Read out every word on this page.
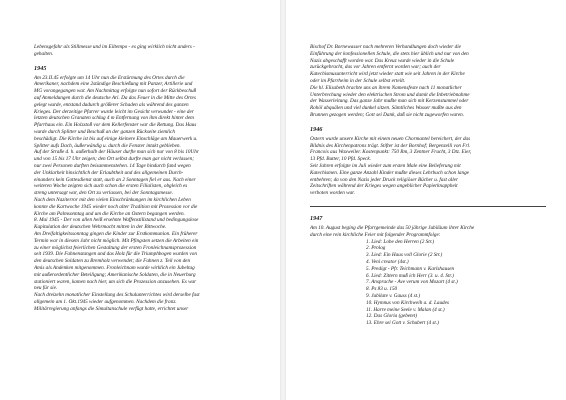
Lebensgefahr als Stillmesse und im Eiltempo - es ging wirklich nicht anders -
gehalten.
1945
Am 23.II.45 erfolgte um 14 Uhr nun die Erstürmung des Ortes durch die
Amerikaner, nachdem eine 2stündige Beschießung mit Panzer, Artillerie und
MG vorangegangen war. Am Nachmittag erfolgte nun sofort der Rückbeschuß
auf Anmeldungen durch die deutsche Ari. Da das Feuer in die Mitte des Ortes
gelegt wurde, entstand dadurch größerer Schaden als während des ganzen
Krieges. Der derzeitige Pfarrer wurde leicht im Gesicht verwundet - eine der
letzten deutschen Granaten schlug 4 m Entfernung von ihm direkt hinter dem
Pfarrhaus ein. Ein Holzstoß vor dem Kellerfenster war die Rettung. Das Haus
wurde durch Splitter und Beschuß an der ganzen Rückseite ziemlich
beschädigt. Die Kirche ist bis auf einige kleinere Einschläge am Mauerwerk u.
Splitter aufs Dach, äußerwändig u. durch die Fenster intakt geblieben.
Auf der Straße d. h. außerhalb der Häuser durfte man sich nur von 8 bis 10Uhr
und von 15 bis 17 Uhr zeigen; den Ort selbst durfte man gar nicht verlassen;
nur zwei Personen durften beisammenstehen. 14 Tage hindurch fand wegen
der Unklarheit hinsichtlich der Erlaubtheit und des allgemeinen Durch-
einanders kein Gottesdienst statt, auch an 2 Sonntagen fiel er aus. Nach einer
weiteren Woche zeigten sich auch schon die ersten Filialisten, obgleich es
streng untersagt war, den Ort zu verlassen, bei der Sonntagsmesse.
Nach dem Naziterror mit den vielen Einschränkungen im kirchlichen Leben
konnte die Kartwoche 1945 wieder noch alter Tradition mit Prozession vor die
Kirche am Palmsonntag und um die Kirche an Ostern begangen werden.
8. Mai 1945 - Der von allen heiß ersehnte Waffenstillstand und bedingungslose
Kapitulation der deutschen Wehrmacht mitten in der Bittwoche.
Am Dreifaltigkeitssonntag gingen die Kinder zur Erstkommunion. Ein früherer
Termin war in diesem Jahr nicht möglich. Mit Pfingsten setzen die Arbeiten ein
zu einer möglichst feierlichen Gestaltung der ersten Fronleichnamsprozession
seit 1939. Die Fahnenstangen und das Holz für die Triumphbogen wurden von
den deutschen Soldaten zu Bremholz verwendet; die Fahnen z. Teil von den
Amis als Andenken mitgenommen. Fronleichnam wurde wirklich ein Jubeltag
mit außerordentlicher Beteiligung; Amerikanische Soldaten, die in Neuerburg
stationiert waren, kamen nach hier, um sich die Prozession anzusehen. Es war
neu für sie.
Nach dreizehn monatlicher Einstellung des Schulunterrichtes wird derselbe fast
allgemein am 1. Okt.1945 wieder aufgenommen. Nachdem die franz.
Militärregierung anfangs die Simultanschule verfügt hatte, errichtet unser
Bischof Dr. Bornewasser nach mehreren Verhandlungen doch wieder die
Einführung der konfessionellen Schule, die stets hier üblich und nur von den
Nazis abgeschafft worden war. Das Kreuz wurde wieder in die Schule
zurückgebracht, das vor Jahren entfernt worden war; auch der
Katechismusunterricht wird jetzt wieder statt wie seit Jahren in der Kirche
oder im Pfarrheim in der Schule selbst erteilt.
Die hl. Elisabeth brachte uns an ihrem Namensfeste nach 11 monatlicher
Unterbrechung wieder den elektrischen Strom und damit die Inbetriebnahme
der Wasserleitung. Das ganze Jahr mußte man sich mit Kerzenstummel oder
Rohöl abquälen und viel dunkel sitzen. Sämtliches Wasser mußte aus den
Brunnen gezogen werden; Gott sei Dank, daß sie nicht zugeworfen waren.
1946
Ostern wurde unsere Kirche mit einem neuen Chormantel bereichert, der das
Bildnis des Kirchenpatrons trägt. Stifter ist der Bornhof; Bergenzelli von Frl.
Francois aus Waxweiler. Kostenpunkt: 750 Rm, 3 Zentner Frucht, 3 Dtz. Eier,
13 Pfd. Butter, 10 Pfd. Speck.
Seit Jahren erfolgte im Juli wieder zum ersten Male eine Belieferung mit
Katechismen. Eine ganze Anzahl Kinder mußte dieses Lehrbuch schon lange
entbehren; da von den Nazis jeder Druck religiöser Bücher u. fast aller
Zeitschriften während der Krieges wegen angeblicher Papierknappheit
verboten worden war.
1947
Am 10. August beging die Pfarrgemeinde das 50 jährige Jubiläum ihrer Kirche
durch eine rein kirchliche Feier mit folgender Programmfolge:
1. Lied: Lobe den Herren (2 Str.)
2. Prolog
3. Lied: Ein Haus voll Glorie (2 Str.)
4. Veni creator (4st.)
5. Predigt - Pfr. Teichmann v. Karlshausen
6. Lied: Zittern muß ich Herr (3. u. 4. Str.)
7. Ansprache - Ave verum von Mozart (4 st.)
8. Ps 83 u. 150
9. Jubilate v. Gauss (4 st.)
10. Hymnus von Kirchweih a. d. Laudes
11. Harre meine Seele v. Malan (4 st.)
12. Das Gloria (gebetet)
13. Ehre sei Gott v. Schubert (4 st.)
